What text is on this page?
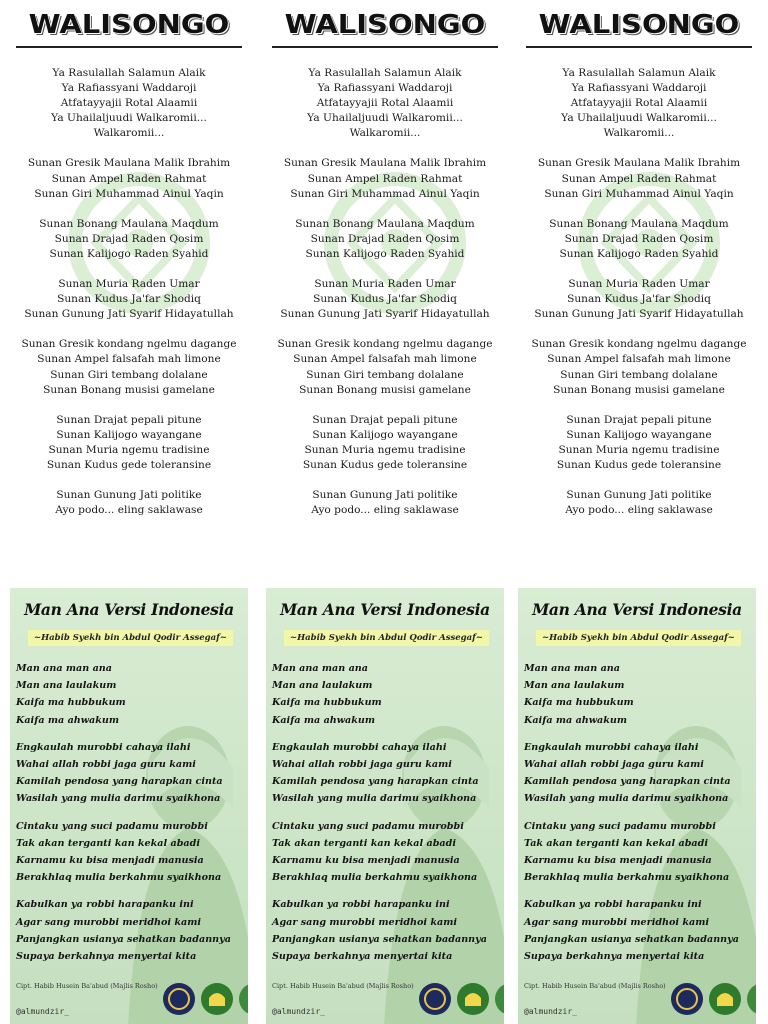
WALISONGO
Ya Rasulallah Salamun Alaik
Ya Rafiassyani Waddaroji
Atfatayyajii Rotal Alaamii
Ya Uhailaljuudi Walkaromii...
Walkaromii...
Sunan Gresik Maulana Malik Ibrahim
Sunan Ampel Raden Rahmat
Sunan Giri Muhammad Ainul Yaqin
Sunan Bonang Maulana Maqdum
Sunan Drajad Raden Qosim
Sunan Kalijogo Raden Syahid
Sunan Muria Raden Umar
Sunan Kudus Ja'far Shodiq
Sunan Gunung Jati Syarif Hidayatullah
Sunan Gresik kondang ngelmu dagange
Sunan Ampel falsafah mah limone
Sunan Giri tembang dolalane
Sunan Bonang musisi gamelane
Sunan Drajat pepali pitune
Sunan Kalijogo wayangane
Sunan Muria ngemu tradisine
Sunan Kudus gede toleransine
Sunan Gunung Jati politike
Ayo podo... eling saklawase
WALISONGO
Ya Rasulallah Salamun Alaik
Ya Rafiassyani Waddaroji
Atfatayyajii Rotal Alaamii
Ya Uhailaljuudi Walkaromii...
Walkaromii...
Sunan Gresik Maulana Malik Ibrahim
Sunan Ampel Raden Rahmat
Sunan Giri Muhammad Ainul Yaqin
Sunan Bonang Maulana Maqdum
Sunan Drajad Raden Qosim
Sunan Kalijogo Raden Syahid
Sunan Muria Raden Umar
Sunan Kudus Ja'far Shodiq
Sunan Gunung Jati Syarif Hidayatullah
Sunan Gresik kondang ngelmu dagange
Sunan Ampel falsafah mah limone
Sunan Giri tembang dolalane
Sunan Bonang musisi gamelane
Sunan Drajat pepali pitune
Sunan Kalijogo wayangane
Sunan Muria ngemu tradisine
Sunan Kudus gede toleransine
Sunan Gunung Jati politike
Ayo podo... eling saklawase
WALISONGO
Ya Rasulallah Salamun Alaik
Ya Rafiassyani Waddaroji
Atfatayyajii Rotal Alaamii
Ya Uhailaljuudi Walkaromii...
Walkaromii...
Sunan Gresik Maulana Malik Ibrahim
Sunan Ampel Raden Rahmat
Sunan Giri Muhammad Ainul Yaqin
Sunan Bonang Maulana Maqdum
Sunan Drajad Raden Qosim
Sunan Kalijogo Raden Syahid
Sunan Muria Raden Umar
Sunan Kudus Ja'far Shodiq
Sunan Gunung Jati Syarif Hidayatullah
Sunan Gresik kondang ngelmu dagange
Sunan Ampel falsafah mah limone
Sunan Giri tembang dolalane
Sunan Bonang musisi gamelane
Sunan Drajat pepali pitune
Sunan Kalijogo wayangane
Sunan Muria ngemu tradisine
Sunan Kudus gede toleransine
Sunan Gunung Jati politike
Ayo podo... eling saklawase
Man Ana Versi Indonesia
~Habib Syekh bin Abdul Qodir Assegaf~
Man ana man ana
Man ana laulakum
Kaifa ma hubbukum
Kaifa ma ahwakum
Engkaulah murobbi cahaya ilahi
Wahai allah robbi jaga guru kami
Kamilah pendosa yang harapkan cinta
Wasilah yang mulia darimu syaikhona
Cintaku yang suci padamu murobbi
Tak akan terganti kan kekal abadi
Karnamu ku bisa menjadi manusia
Berakhlaq mulia berkahmu syaikhona
Kabulkan ya robbi harapanku ini
Agar sang murobbi meridhoi kami
Panjangkan usianya sehatkan badannya
Supaya berkahnya menyertai kita
Cipt. Habib Husein Ba'abud (Majlis Rosho)
@almundzir_
Man Ana Versi Indonesia
~Habib Syekh bin Abdul Qodir Assegaf~
Man ana man ana
Man ana laulakum
Kaifa ma hubbukum
Kaifa ma ahwakum
Engkaulah murobbi cahaya ilahi
Wahai allah robbi jaga guru kami
Kamilah pendosa yang harapkan cinta
Wasilah yang mulia darimu syaikhona
Cintaku yang suci padamu murobbi
Tak akan terganti kan kekal abadi
Karnamu ku bisa menjadi manusia
Berakhlaq mulia berkahmu syaikhona
Kabulkan ya robbi harapanku ini
Agar sang murobbi meridhoi kami
Panjangkan usianya sehatkan badannya
Supaya berkahnya menyertai kita
Cipt. Habib Husein Ba'abud (Majlis Rosho)
@almundzir_
Man Ana Versi Indonesia
~Habib Syekh bin Abdul Qodir Assegaf~
Man ana man ana
Man ana laulakum
Kaifa ma hubbukum
Kaifa ma ahwakum
Engkaulah murobbi cahaya ilahi
Wahai allah robbi jaga guru kami
Kamilah pendosa yang harapkan cinta
Wasilah yang mulia darimu syaikhona
Cintaku yang suci padamu murobbi
Tak akan terganti kan kekal abadi
Karnamu ku bisa menjadi manusia
Berakhlaq mulia berkahmu syaikhona
Kabulkan ya robbi harapanku ini
Agar sang murobbi meridhoi kami
Panjangkan usianya sehatkan badannya
Supaya berkahnya menyertai kita
Cipt. Habib Husein Ba'abud (Majlis Rosho)
@almundzir_
